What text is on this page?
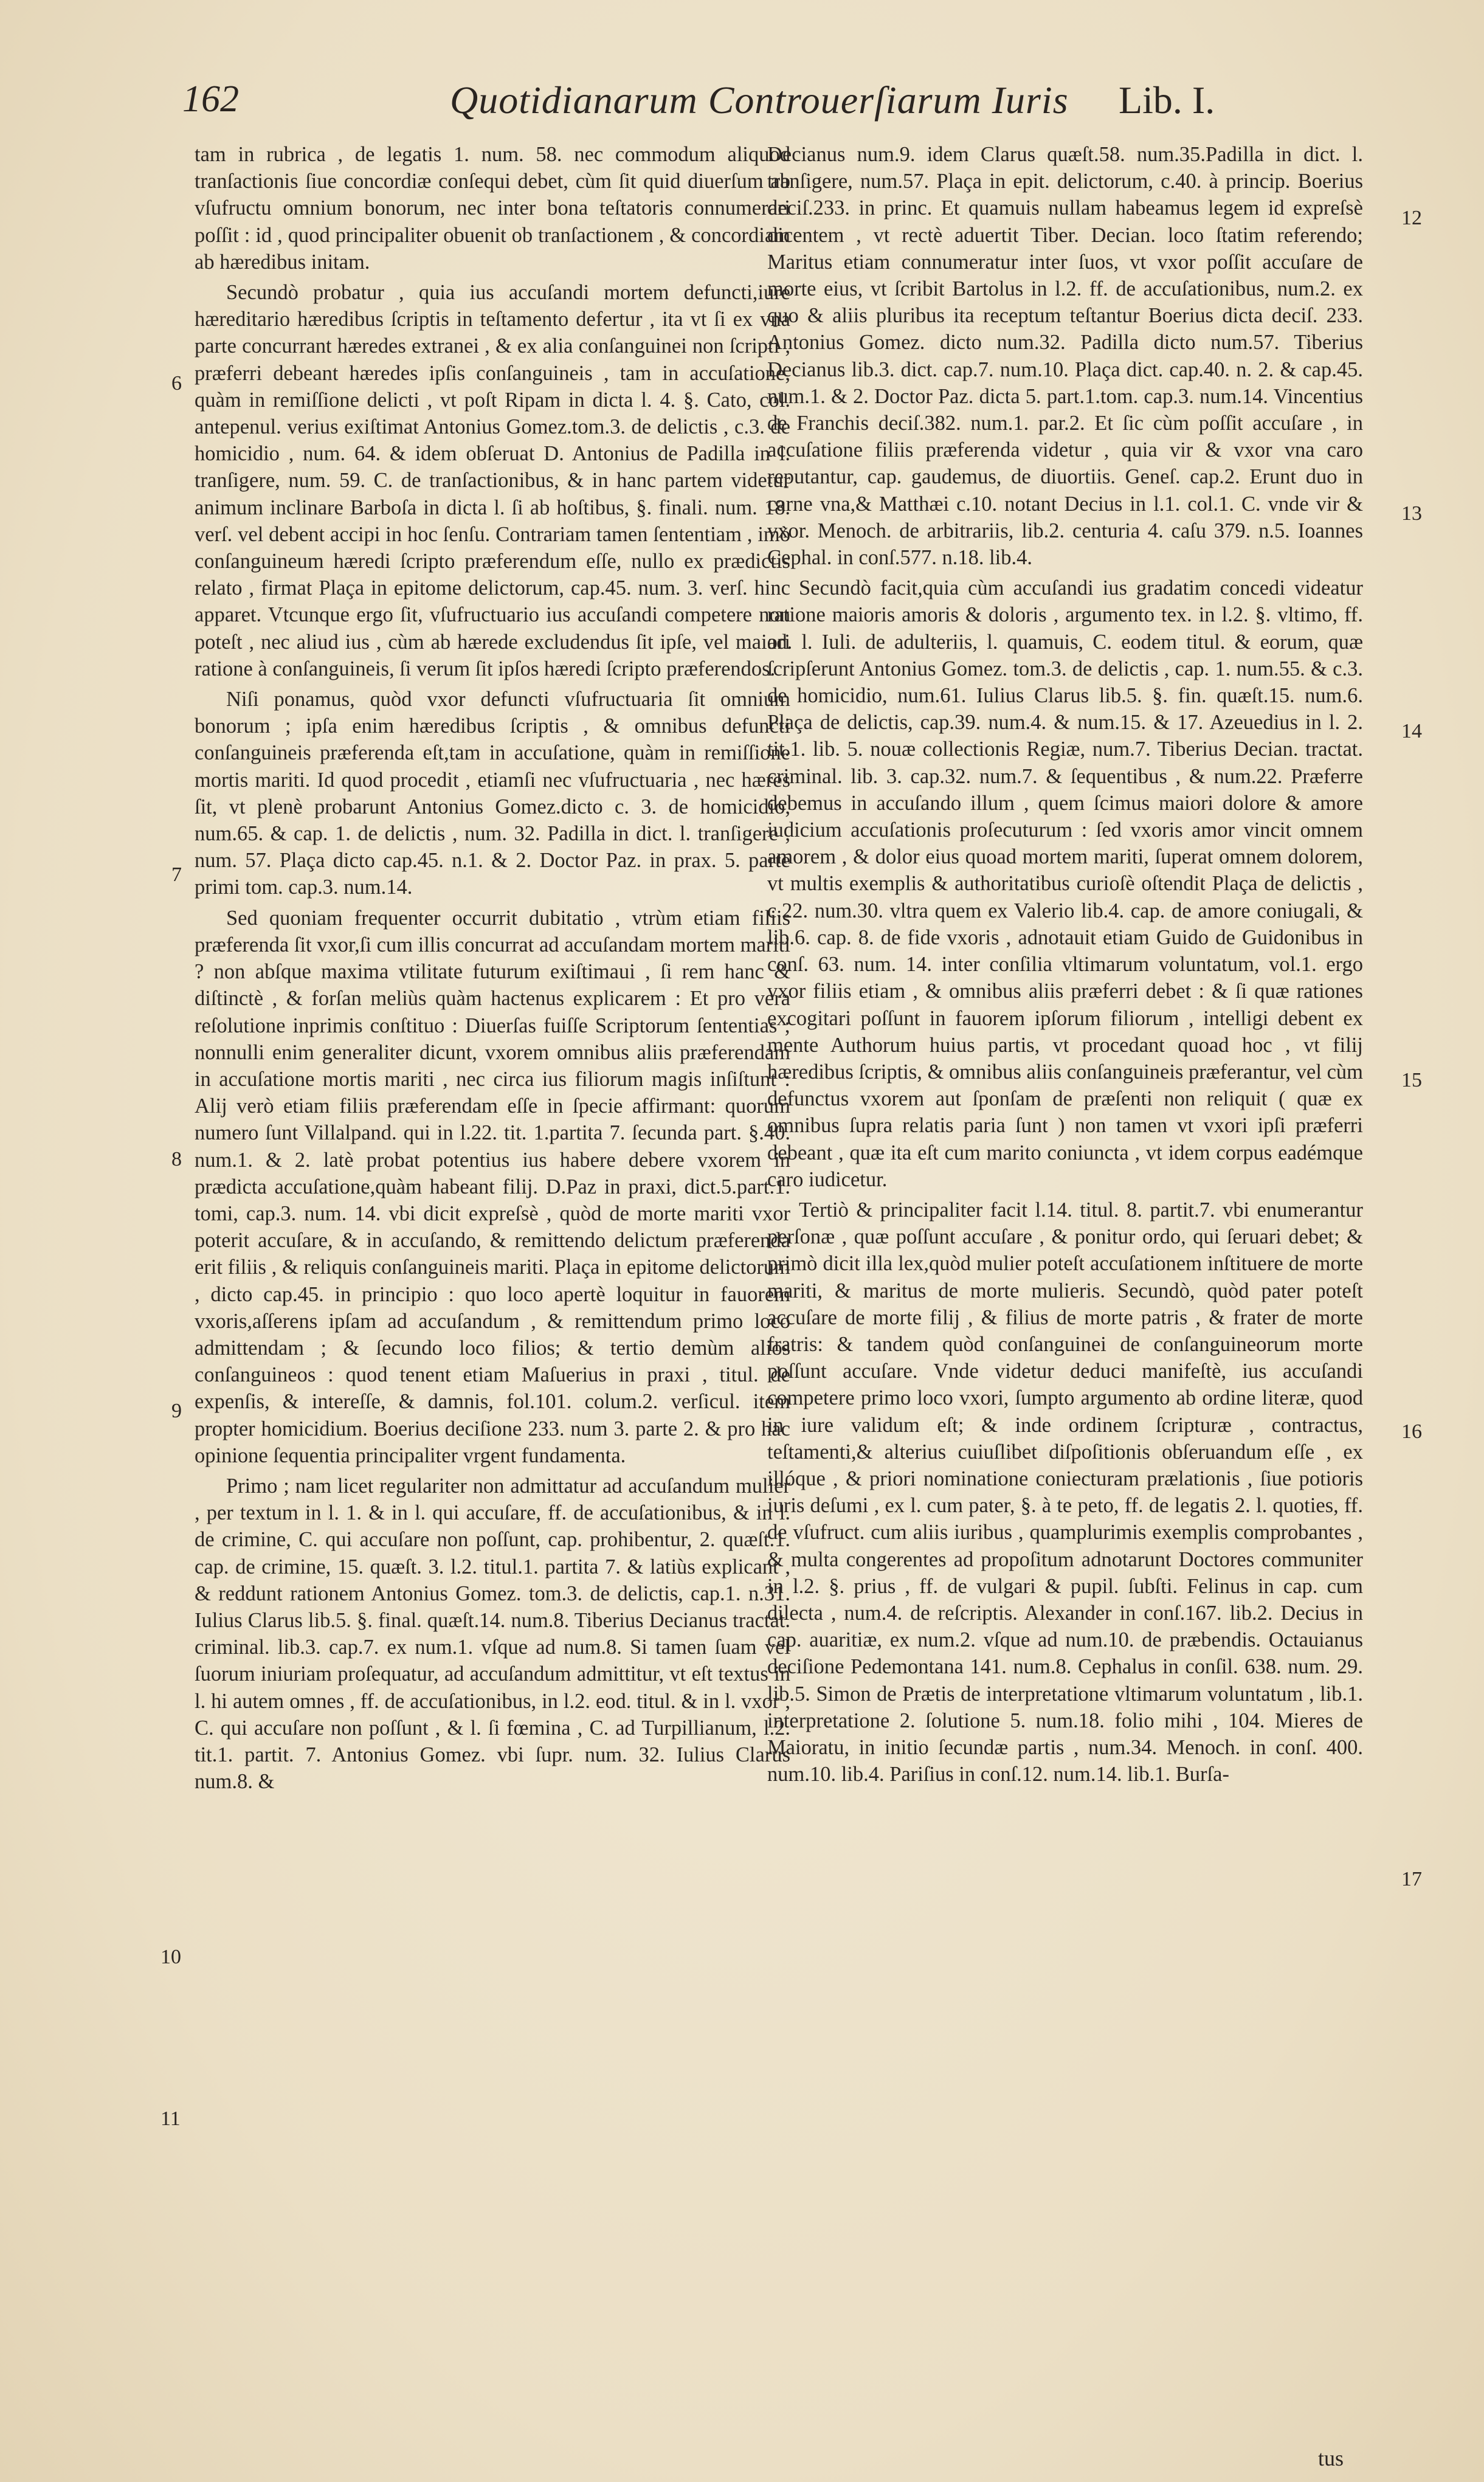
162	Quotidianarum Controuerſiarum Iuris Lib. I.

tam in rubrica , de legatis 1. num. 58. nec commodum aliquod tranſactionis ſiue concordiæ conſequi debet, cùm ſit quid diuerſum ab vſufructu omnium bonorum, nec inter bona teſtatoris connumerari poſſit : id , quod principaliter obuenit ob tranſactionem , & concordiam ab hæredibus initam.

Secundò probatur , quia ius accuſandi mortem defuncti,iure hæreditario hæredibus ſcriptis in teſtamento defertur , ita vt ſi ex vna parte concurrant hæredes extranei , & ex alia conſanguinei non ſcripti , præferri debeant hæredes ipſis conſanguineis , tam in accuſatione, quàm in remiſſione delicti , vt poſt Ripam in dicta l. 4. §. Cato, col. antepenul. verius exiſtimat Antonius Gomez.tom.3. de delictis , c.3. de homicidio , num. 64. & idem obſeruat D. Antonius de Padilla in l. tranſigere, num. 59. C. de tranſactionibus, & in hanc partem videtur animum inclinare Barboſa in dicta l. ſi ab hoſtibus, §. finali. num. 18. verſ. vel debent accipi in hoc ſenſu. Contrariam tamen ſententiam , imò conſanguineum hæredi ſcripto præferendum eſſe, nullo ex prædictis relato , firmat Plaça in epitome delictorum, cap.45. num. 3. verſ. hinc apparet. Vtcunque ergo ſit, vſufructuario ius accuſandi competere non poteſt , nec aliud ius , cùm ab hærede excludendus ſit ipſe, vel maiori ratione à conſanguineis, ſi verum ſit ipſos hæredi ſcripto præferendos.

Niſi ponamus, quòd vxor defuncti vſufructuaria ſit omnium bonorum ; ipſa enim hæredibus ſcriptis , & omnibus defuncti conſanguineis præferenda eſt,tam in accuſatione, quàm in remiſſione mortis mariti. Id quod procedit , etiamſi nec vſufructuaria , nec hæres ſit, vt plenè probarunt Antonius Gomez.dicto c. 3. de homicidio, num.65. & cap. 1. de delictis , num. 32. Padilla in dict. l. tranſigere , num. 57. Plaça dicto cap.45. n.1. & 2. Doctor Paz. in prax. 5. parte primi tom. cap.3. num.14.

Sed quoniam frequenter occurrit dubitatio , vtrùm etiam filiis præferenda ſit vxor,ſi cum illis concurrat ad accuſandam mortem mariti ? non abſque maxima vtilitate futurum exiſtimaui , ſi rem hanc & diſtinctè , & forſan meliùs quàm hactenus explicarem : Et pro vera reſolutione inprimis conſtituo : Diuerſas fuiſſe Scriptorum ſententias ; nonnulli enim generaliter dicunt, vxorem omnibus aliis præferendam in accuſatione mortis mariti , nec circa ius filiorum magis inſiſtunt : Alij verò etiam filiis præferendam eſſe in ſpecie affirmant: quorum numero ſunt Villalpand. qui in l.22. tit. 1.partita 7. ſecunda part. §.40. num.1. & 2. latè probat potentius ius habere debere vxorem in prædicta accuſatione,quàm habeant filij. D.Paz in praxi, dict.5.part.1. tomi, cap.3. num. 14. vbi dicit expreſsè , quòd de morte mariti vxor poterit accuſare, & in accuſando, & remittendo delictum præferenda erit filiis , & reliquis conſanguineis mariti. Plaça in epitome delictorum , dicto cap.45. in principio : quo loco apertè loquitur in fauorem vxoris,aſſerens ipſam ad accuſandum , & remittendum primo loco admittendam ; & ſecundo loco filios; & tertio demùm alios conſanguineos : quod tenent etiam Maſuerius in praxi , titul. de expenſis, & intereſſe, & damnis, fol.101. colum.2. verſicul. item propter homicidium. Boerius deciſione 233. num 3. parte 2. & pro hac opinione ſequentia principaliter vrgent fundamenta.

Primo ; nam licet regulariter non admittatur ad accuſandum mulier , per textum in l. 1. & in l. qui accuſare, ff. de accuſationibus, & in l. de crimine, C. qui accuſare non poſſunt, cap. prohibentur, 2. quæſt.1. cap. de crimine, 15. quæſt. 3. l.2. titul.1. partita 7. & latiùs explicant , & reddunt rationem Antonius Gomez. tom.3. de delictis, cap.1. n.31. Iulius Clarus lib.5. §. final. quæſt.14. num.8. Tiberius Decianus tractat. criminal. lib.3. cap.7. ex num.1. vſque ad num.8. Si tamen ſuam vel ſuorum iniuriam proſequatur, ad accuſandum admittitur, vt eſt textus in l. hi autem omnes , ff. de accuſationibus, in l.2. eod. titul. & in l. vxor , C. qui accuſare non poſſunt , & l. ſi fœmina , C. ad Turpillianum, l.2. tit.1. partit. 7. Antonius Gomez. vbi ſupr. num. 32. Iulius Clarus num.8. &

Decianus num.9. idem Clarus quæſt.58. num.35.Padilla in dict. l. tranſigere, num.57. Plaça in epit. delictorum, c.40. à princip. Boerius deciſ.233. in princ. Et quamuis nullam habeamus legem id expreſsè dicentem , vt rectè aduertit Tiber. Decian. loco ſtatim referendo; Maritus etiam connumeratur inter ſuos, vt vxor poſſit accuſare de morte eius, vt ſcribit Bartolus in l.2. ff. de accuſationibus, num.2. ex quo & aliis pluribus ita receptum teſtantur Boerius dicta deciſ. 233. Antonius Gomez. dicto num.32. Padilla dicto num.57. Tiberius Decianus lib.3. dict. cap.7. num.10. Plaça dict. cap.40. n. 2. & cap.45. num.1. & 2. Doctor Paz. dicta 5. part.1.tom. cap.3. num.14. Vincentius de Franchis deciſ.382. num.1. par.2. Et ſic cùm poſſit accuſare , in accuſatione filiis præferenda videtur , quia vir & vxor vna caro reputantur, cap. gaudemus, de diuortiis. Geneſ. cap.2. Erunt duo in carne vna,& Matthæi c.10. notant Decius in l.1. col.1. C. vnde vir & vxor. Menoch. de arbitrariis, lib.2. centuria 4. caſu 379. n.5. Ioannes Cephal. in conſ.577. n.18. lib.4.

Secundò facit,quia cùm accuſandi ius gradatim concedi videatur ratione maioris amoris & doloris , argumento tex. in l.2. §. vltimo, ff. ad. l. Iuli. de adulteriis, l. quamuis, C. eodem titul. & eorum, quæ ſcripſerunt Antonius Gomez. tom.3. de delictis , cap. 1. num.55. & c.3. de homicidio, num.61. Iulius Clarus lib.5. §. fin. quæſt.15. num.6. Plaça de delictis, cap.39. num.4. & num.15. & 17. Azeuedius in l. 2. tit.1. lib. 5. nouæ collectionis Regiæ, num.7. Tiberius Decian. tractat. criminal. lib. 3. cap.32. num.7. & ſequentibus , & num.22. Præferre debemus in accuſando illum , quem ſcimus maiori dolore & amore iudicium accuſationis proſecuturum : ſed vxoris amor vincit omnem amorem , & dolor eius quoad mortem mariti, ſuperat omnem dolorem, vt multis exemplis & authoritatibus curioſè oſtendit Plaça de delictis , c.22. num.30. vltra quem ex Valerio lib.4. cap. de amore coniugali, & lib.6. cap. 8. de fide vxoris , adnotauit etiam Guido de Guidonibus in conſ. 63. num. 14. inter conſilia vltimarum voluntatum, vol.1. ergo vxor filiis etiam , & omnibus aliis præferri debet : & ſi quæ rationes excogitari poſſunt in fauorem ipſorum filiorum , intelligi debent ex mente Authorum huius partis, vt procedant quoad hoc , vt filij hæredibus ſcriptis, & omnibus aliis conſanguineis præferantur, vel cùm defunctus vxorem aut ſponſam de præſenti non reliquit ( quæ ex omnibus ſupra relatis paria ſunt ) non tamen vt vxori ipſi præferri debeant , quæ ita eſt cum marito coniuncta , vt idem corpus eadémque caro iudicetur.

Tertiò & principaliter facit l.14. titul. 8. partit.7. vbi enumerantur perſonæ , quæ poſſunt accuſare , & ponitur ordo, qui ſeruari debet; & primò dicit illa lex,quòd mulier poteſt accuſationem inſtituere de morte mariti, & maritus de morte mulieris. Secundò, quòd pater poteſt accuſare de morte filij , & filius de morte patris , & frater de morte fratris: & tandem quòd conſanguinei de conſanguineorum morte poſſunt accuſare. Vnde videtur deduci manifeſtè, ius accuſandi competere primo loco vxori, ſumpto argumento ab ordine literæ, quod in iure validum eſt; & inde ordinem ſcripturæ , contractus, teſtamenti,& alterius cuiuſlibet diſpoſitionis obſeruandum eſſe , ex illóque , & priori nominatione coniecturam prælationis , ſiue potioris iuris deſumi , ex l. cum pater, §. à te peto, ff. de legatis 2. l. quoties, ff. de vſufruct. cum aliis iuribus , quamplurimis exemplis comprobantes , & multa congerentes ad propoſitum adnotarunt Doctores communiter in l.2. §. prius , ff. de vulgari & pupil. ſubſti. Felinus in cap. cum dilecta , num.4. de reſcriptis. Alexander in conſ.167. lib.2. Decius in cap. auaritiæ, ex num.2. vſque ad num.10. de præbendis. Octauianus deciſione Pedemontana 141. num.8. Cephalus in conſil. 638. num. 29. lib.5. Simon de Prætis de interpretatione vltimarum voluntatum , lib.1. interpretatione 2. ſolutione 5. num.18. folio mihi , 104. Mieres de Maioratu, in initio ſecundæ partis , num.34. Menoch. in conſ. 400. num.10. lib.4. Pariſius in conſ.12. num.14. lib.1. Burſa-

6
7
8
9
10
11
12
13
14
15
16
17
tus
